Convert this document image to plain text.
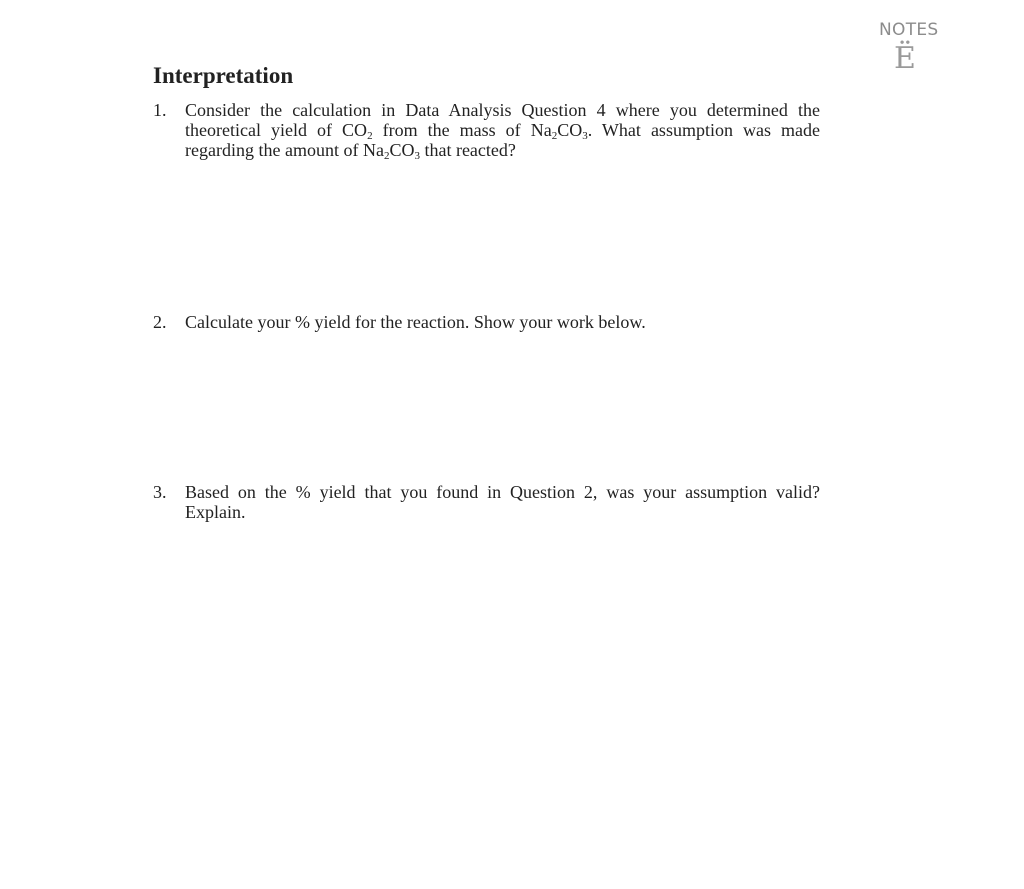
NOTES
Ë
Interpretation
1. Consider the calculation in Data Analysis Question 4 where you determined the theoretical yield of $CO_2$ from the mass of $Na_2CO_3$. What assumption was made regarding the amount of $Na_2CO_3$ that reacted?
2. Calculate your % yield for the reaction. Show your work below.
3. Based on the % yield that you found in Question 2, was your assumption valid? Explain.
